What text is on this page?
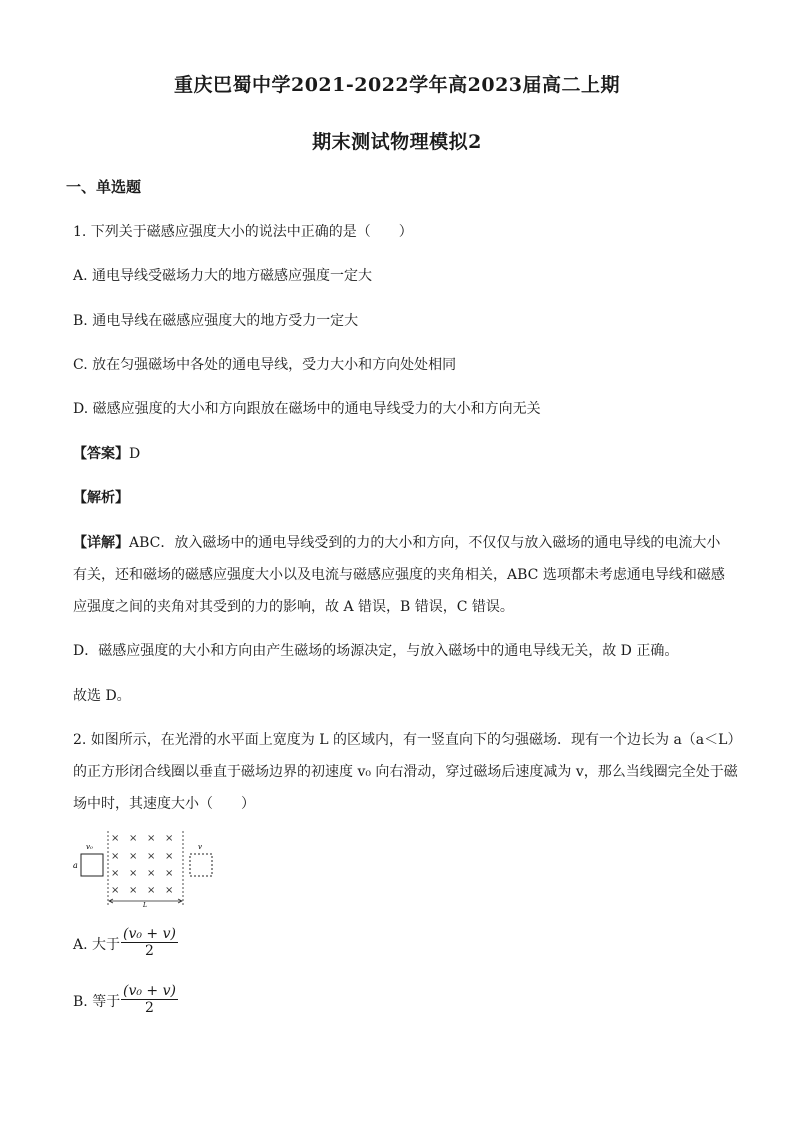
重庆巴蜀中学2021-2022学年高2023届高二上期
期末测试物理模拟2
一、单选题
1. 下列关于磁感应强度大小的说法中正确的是（　　）
A. 通电导线受磁场力大的地方磁感应强度一定大
B. 通电导线在磁感应强度大的地方受力一定大
C. 放在匀强磁场中各处的通电导线，受力大小和方向处处相同
D. 磁感应强度的大小和方向跟放在磁场中的通电导线受力的大小和方向无关
【答案】D
【解析】
【详解】ABC．放入磁场中的通电导线受到的力的大小和方向，不仅仅与放入磁场的通电导线的电流大小
有关，还和磁场的磁感应强度大小以及电流与磁感应强度的夹角相关，ABC 选项都未考虑通电导线和磁感
应强度之间的夹角对其受到的力的影响，故 A 错误，B 错误，C 错误。
D．磁感应强度的大小和方向由产生磁场的场源决定，与放入磁场中的通电导线无关，故 D 正确。
故选 D。
2. 如图所示，在光滑的水平面上宽度为 L 的区域内，有一竖直向下的匀强磁场．现有一个边长为 a（a＜L）
的正方形闭合线圈以垂直于磁场边界的初速度 v₀ 向右滑动，穿过磁场后速度减为 v，那么当线圈完全处于磁
场中时，其速度大小（　　）
× × × ×
× × × ×
× × × ×
× × × ×
v₀
a
v
L
A. 大于 $\frac{\text{(v₀ + v)}}{2}$
B. 等于 $\frac{\text{(v₀ + v)}}{2}$
